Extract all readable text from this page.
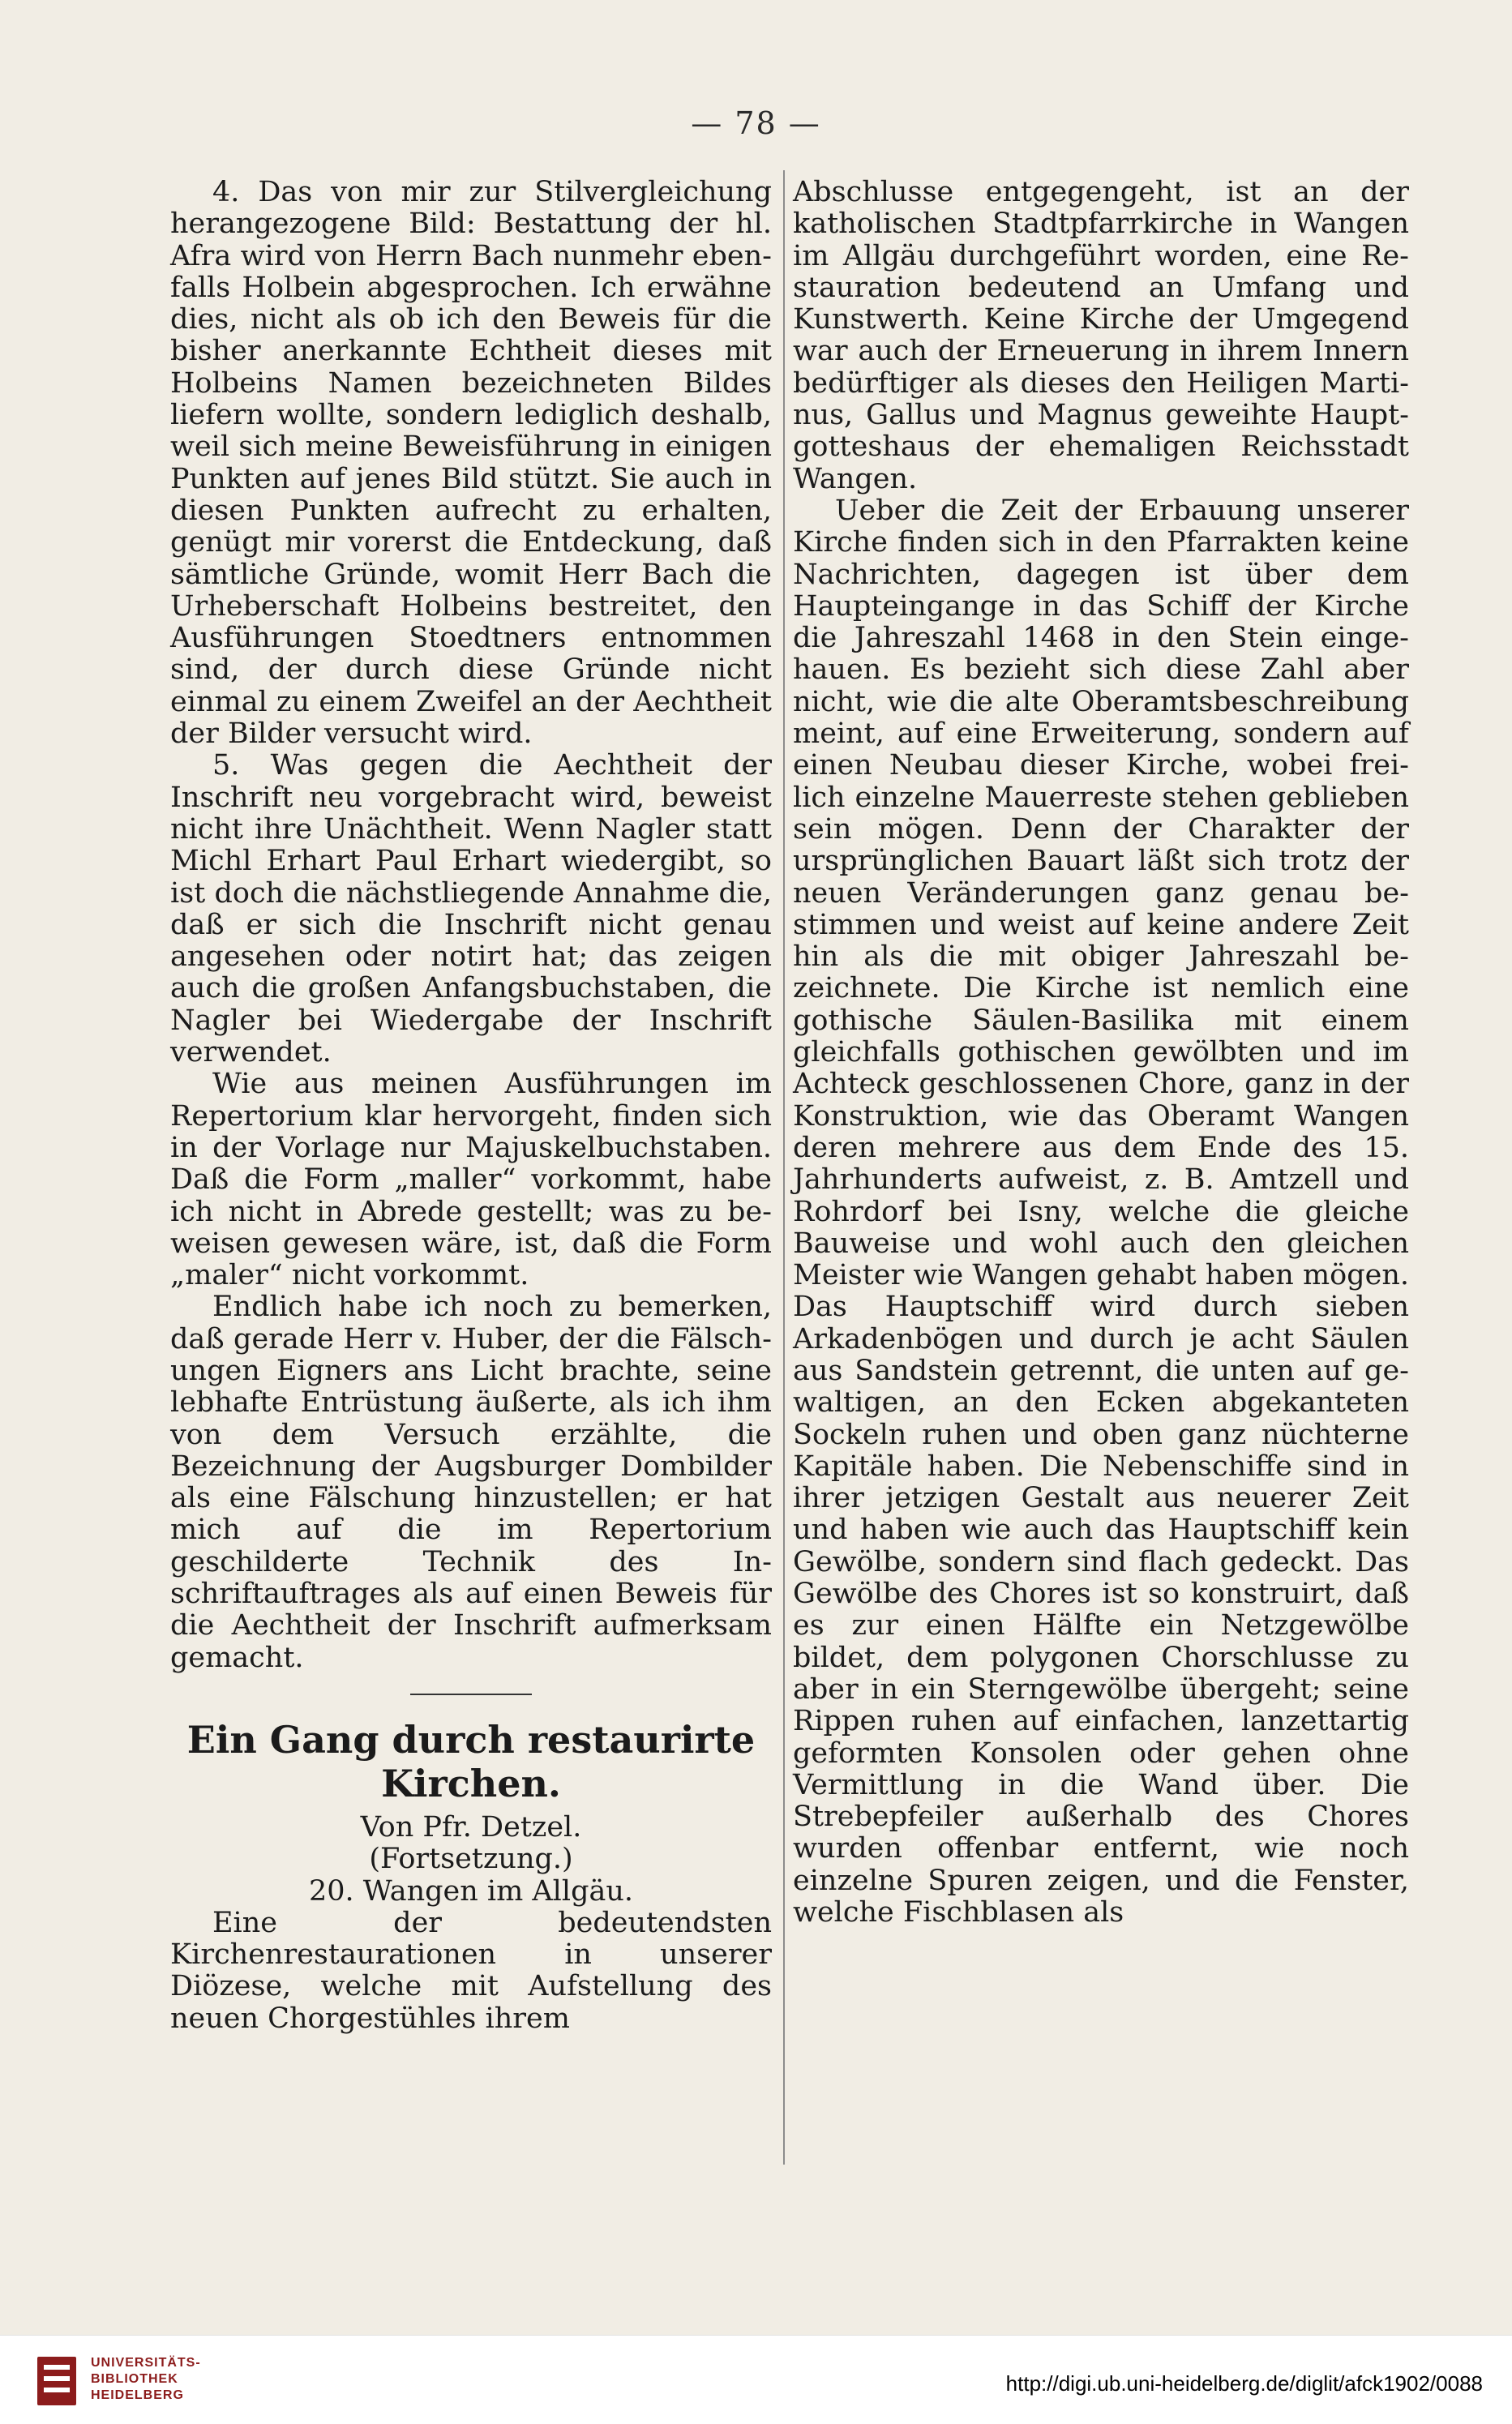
— 78 —

4. Das von mir zur Stilvergleichung herangezogene Bild: Bestattung der hl. Afra wird von Herrn Bach nunmehr ebenfalls Holbein abgesprochen. Ich erwähne dies, nicht als ob ich den Beweis für die bisher anerkannte Echtheit dieses mit Holbeins Namen bezeichneten Bildes liefern wollte, sondern lediglich deshalb, weil sich meine Beweisführung in einigen Punkten auf jenes Bild stützt. Sie auch in diesen Punkten aufrecht zu erhalten, genügt mir vorerst die Entdeckung, daß sämtliche Gründe, womit Herr Bach die Urheberschaft Holbeins bestreitet, den Ausführungen Stoedtners entnommen sind, der durch diese Gründe nicht einmal zu einem Zweifel an der Aechtheit der Bilder versucht wird.

5. Was gegen die Aechtheit der Inschrift neu vorgebracht wird, beweist nicht ihre Unächtheit. Wenn Nagler statt Michl Erhart Paul Erhart wiedergibt, so ist doch die nächstliegende Annahme die, daß er sich die Inschrift nicht genau angesehen oder notirt hat; das zeigen auch die großen Anfangsbuchstaben, die Nagler bei Wiedergabe der Inschrift verwendet.

Wie aus meinen Ausführungen im Repertorium klar hervorgeht, finden sich in der Vorlage nur Majuskelbuchstaben. Daß die Form „maller“ vorkommt, habe ich nicht in Abrede gestellt; was zu beweisen gewesen wäre, ist, daß die Form „maler“ nicht vorkommt.

Endlich habe ich noch zu bemerken, daß gerade Herr v. Huber, der die Fälschungen Eigners ans Licht brachte, seine lebhafte Entrüstung äußerte, als ich ihm von dem Versuch erzählte, die Bezeichnung der Augsburger Dombilder als eine Fälschung hinzustellen; er hat mich auf die im Repertorium geschilderte Technik des Inschriftauftrages als auf einen Beweis für die Aechtheit der Inschrift aufmerksam gemacht.

Ein Gang durch restaurirte Kirchen.

Von Pfr. Detzel.

(Fortsetzung.)

20. Wangen im Allgäu.

Eine der bedeutendsten Kirchenrestaurationen in unserer Diözese, welche mit Aufstellung des neuen Chorgestühles ihrem

Abschlusse entgegengeht, ist an der katholischen Stadtpfarrkirche in Wangen im Allgäu durchgeführt worden, eine Restauration bedeutend an Umfang und Kunstwerth. Keine Kirche der Umgegend war auch der Erneuerung in ihrem Innern bedürftiger als dieses den Heiligen Martinus, Gallus und Magnus geweihte Hauptgotteshaus der ehemaligen Reichsstadt Wangen.

Ueber die Zeit der Erbauung unserer Kirche finden sich in den Pfarrakten keine Nachrichten, dagegen ist über dem Haupteingange in das Schiff der Kirche die Jahreszahl 1468 in den Stein eingehauen. Es bezieht sich diese Zahl aber nicht, wie die alte Oberamtsbeschreibung meint, auf eine Erweiterung, sondern auf einen Neubau dieser Kirche, wobei freilich einzelne Mauerreste stehen geblieben sein mögen. Denn der Charakter der ursprünglichen Bauart läßt sich trotz der neuen Veränderungen ganz genau bestimmen und weist auf keine andere Zeit hin als die mit obiger Jahreszahl bezeichnete. Die Kirche ist nemlich eine gothische Säulen-Basilika mit einem gleichfalls gothischen gewölbten und im Achteck geschlossenen Chore, ganz in der Konstruktion, wie das Oberamt Wangen deren mehrere aus dem Ende des 15. Jahrhunderts aufweist, z. B. Amtzell und Rohrdorf bei Isny, welche die gleiche Bauweise und wohl auch den gleichen Meister wie Wangen gehabt haben mögen. Das Hauptschiff wird durch sieben Arkadenbögen und durch je acht Säulen aus Sandstein getrennt, die unten auf gewaltigen, an den Ecken abgekanteten Sockeln ruhen und oben ganz nüchterne Kapitäle haben. Die Nebenschiffe sind in ihrer jetzigen Gestalt aus neuerer Zeit und haben wie auch das Hauptschiff kein Gewölbe, sondern sind flach gedeckt. Das Gewölbe des Chores ist so konstruirt, daß es zur einen Hälfte ein Netzgewölbe bildet, dem polygonen Chorschlusse zu aber in ein Sterngewölbe übergeht; seine Rippen ruhen auf einfachen, lanzettartig geformten Konsolen oder gehen ohne Vermittlung in die Wand über. Die Strebepfeiler außerhalb des Chores wurden offenbar entfernt, wie noch einzelne Spuren zeigen, und die Fenster, welche Fischblasen als

UNIVERSITÄTS-
BIBLIOTHEK
HEIDELBERG	http://digi.ub.uni-heidelberg.de/diglit/afck1902/0088
